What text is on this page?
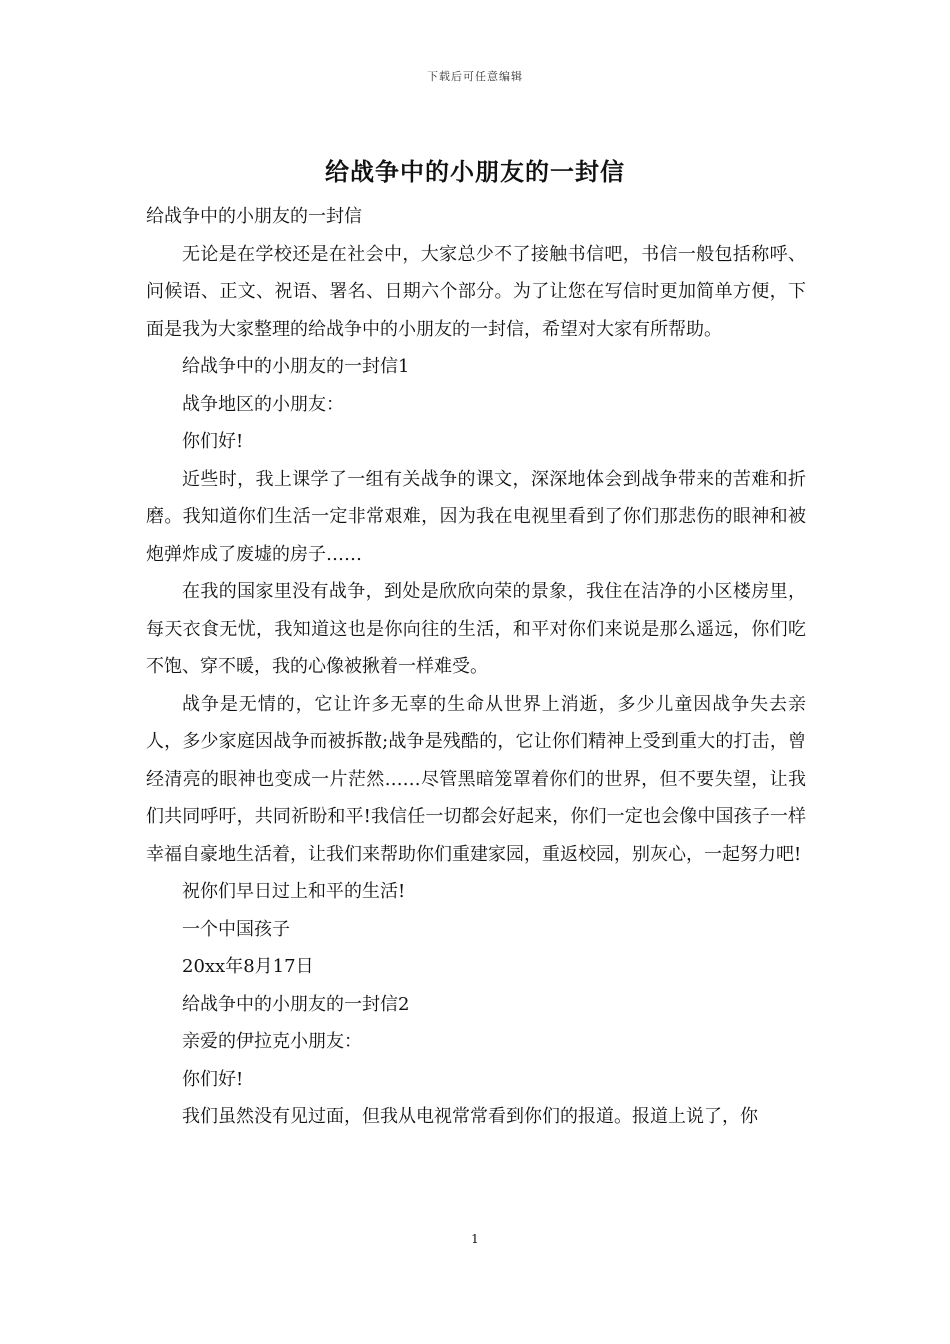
下载后可任意编辑
给战争中的小朋友的一封信

给战争中的小朋友的一封信

无论是在学校还是在社会中，大家总少不了接触书信吧，书信一般包括称呼、问候语、正文、祝语、署名、日期六个部分。为了让您在写信时更加简单方便，下面是我为大家整理的给战争中的小朋友的一封信，希望对大家有所帮助。

给战争中的小朋友的一封信1

战争地区的小朋友：

你们好!

近些时，我上课学了一组有关战争的课文，深深地体会到战争带来的苦难和折磨。我知道你们生活一定非常艰难，因为我在电视里看到了你们那悲伤的眼神和被炮弹炸成了废墟的房子……

在我的国家里没有战争，到处是欣欣向荣的景象，我住在洁净的小区楼房里，每天衣食无忧，我知道这也是你向往的生活，和平对你们来说是那么遥远，你们吃不饱、穿不暖，我的心像被揪着一样难受。

战争是无情的，它让许多无辜的生命从世界上消逝，多少儿童因战争失去亲人，多少家庭因战争而被拆散;战争是残酷的，它让你们精神上受到重大的打击，曾经清亮的眼神也变成一片茫然……尽管黑暗笼罩着你们的世界，但不要失望，让我们共同呼吁，共同祈盼和平!我信任一切都会好起来，你们一定也会像中国孩子一样幸福自豪地生活着，让我们来帮助你们重建家园，重返校园，别灰心，一起努力吧!

祝你们早日过上和平的生活!

一个中国孩子

20xx年8月17日

给战争中的小朋友的一封信2

亲爱的伊拉克小朋友：

你们好!

我们虽然没有见过面，但我从电视常常看到你们的报道。报道上说了，你

1
